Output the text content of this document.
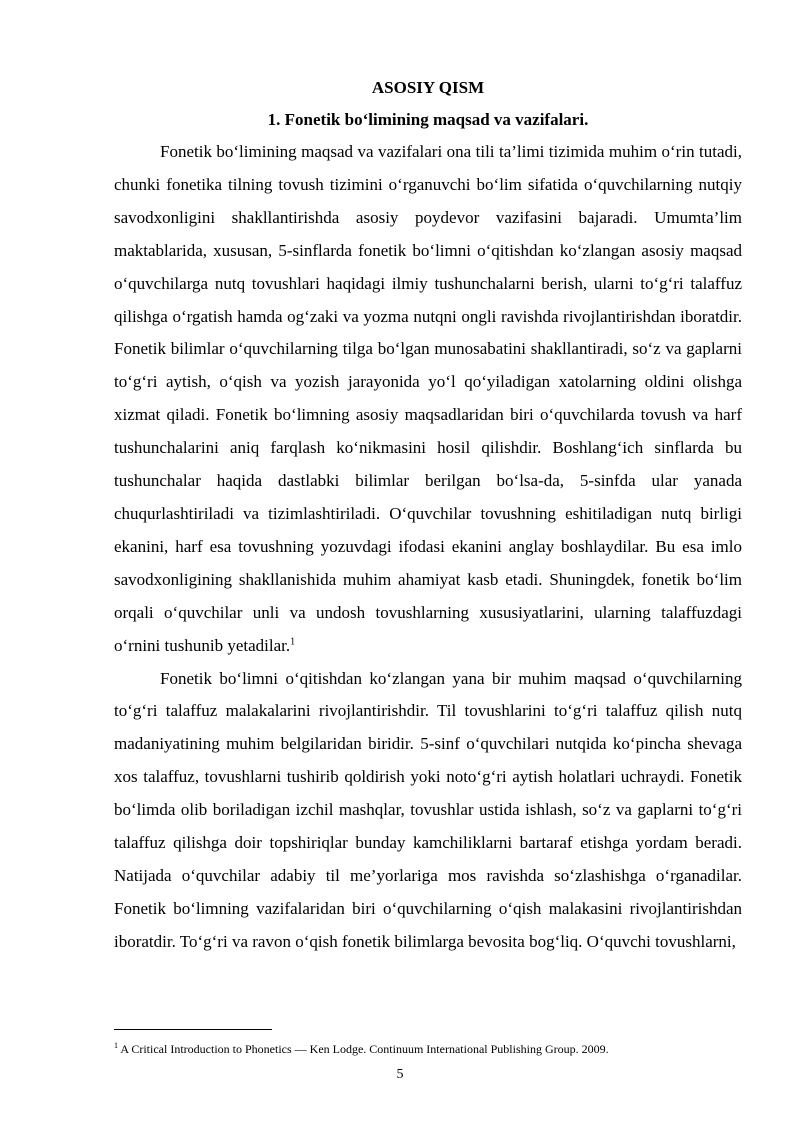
ASOSIY QISM

1. Fonetik bo‘limining maqsad va vazifalari.

Fonetik bo‘limining maqsad va vazifalari ona tili ta’limi tizimida muhim o‘rin tutadi, chunki fonetika tilning tovush tizimini o‘rganuvchi bo‘lim sifatida o‘quvchilarning nutqiy savodxonligini shakllantirishda asosiy poydevor vazifasini bajaradi. Umumta’lim maktablarida, xususan, 5-sinflarda fonetik bo‘limni o‘qitishdan ko‘zlangan asosiy maqsad o‘quvchilarga nutq tovushlari haqidagi ilmiy tushunchalarni berish, ularni to‘g‘ri talaffuz qilishga o‘rgatish hamda og‘zaki va yozma nutqni ongli ravishda rivojlantirishdan iboratdir. Fonetik bilimlar o‘quvchilarning tilga bo‘lgan munosabatini shakllantiradi, so‘z va gaplarni to‘g‘ri aytish, o‘qish va yozish jarayonida yo‘l qo‘yiladigan xatolarning oldini olishga xizmat qiladi. Fonetik bo‘limning asosiy maqsadlaridan biri o‘quvchilarda tovush va harf tushunchalarini aniq farqlash ko‘nikmasini hosil qilishdir. Boshlang‘ich sinflarda bu tushunchalar haqida dastlabki bilimlar berilgan bo‘lsa-da, 5-sinfda ular yanada chuqurlashtiriladi va tizimlashtiriladi. O‘quvchilar tovushning eshitiladigan nutq birligi ekanini, harf esa tovushning yozuvdagi ifodasi ekanini anglay boshlaydilar. Bu esa imlo savodxonligining shakllanishida muhim ahamiyat kasb etadi. Shuningdek, fonetik bo‘lim orqali o‘quvchilar unli va undosh tovushlarning xususiyatlarini, ularning talaffuzdagi o‘rnini tushunib yetadilar.$^1$

Fonetik bo‘limni o‘qitishdan ko‘zlangan yana bir muhim maqsad o‘quvchilarning to‘g‘ri talaffuz malakalarini rivojlantirishdir. Til tovushlarini to‘g‘ri talaffuz qilish nutq madaniyatining muhim belgilaridan biridir. 5-sinf o‘quvchilari nutqida ko‘pincha shevaga xos talaffuz, tovushlarni tushirib qoldirish yoki noto‘g‘ri aytish holatlari uchraydi. Fonetik bo‘limda olib boriladigan izchil mashqlar, tovushlar ustida ishlash, so‘z va gaplarni to‘g‘ri talaffuz qilishga doir topshiriqlar bunday kamchiliklarni bartaraf etishga yordam beradi. Natijada o‘quvchilar adabiy til me’yorlariga mos ravishda so‘zlashishga o‘rganadilar. Fonetik bo‘limning vazifalaridan biri o‘quvchilarning o‘qish malakasini rivojlantirishdan iboratdir. To‘g‘ri va ravon o‘qish fonetik bilimlarga bevosita bog‘liq. O‘quvchi tovushlarni,

$^1$ A Critical Introduction to Phonetics — Ken Lodge. Continuum International Publishing Group. 2009.
5
